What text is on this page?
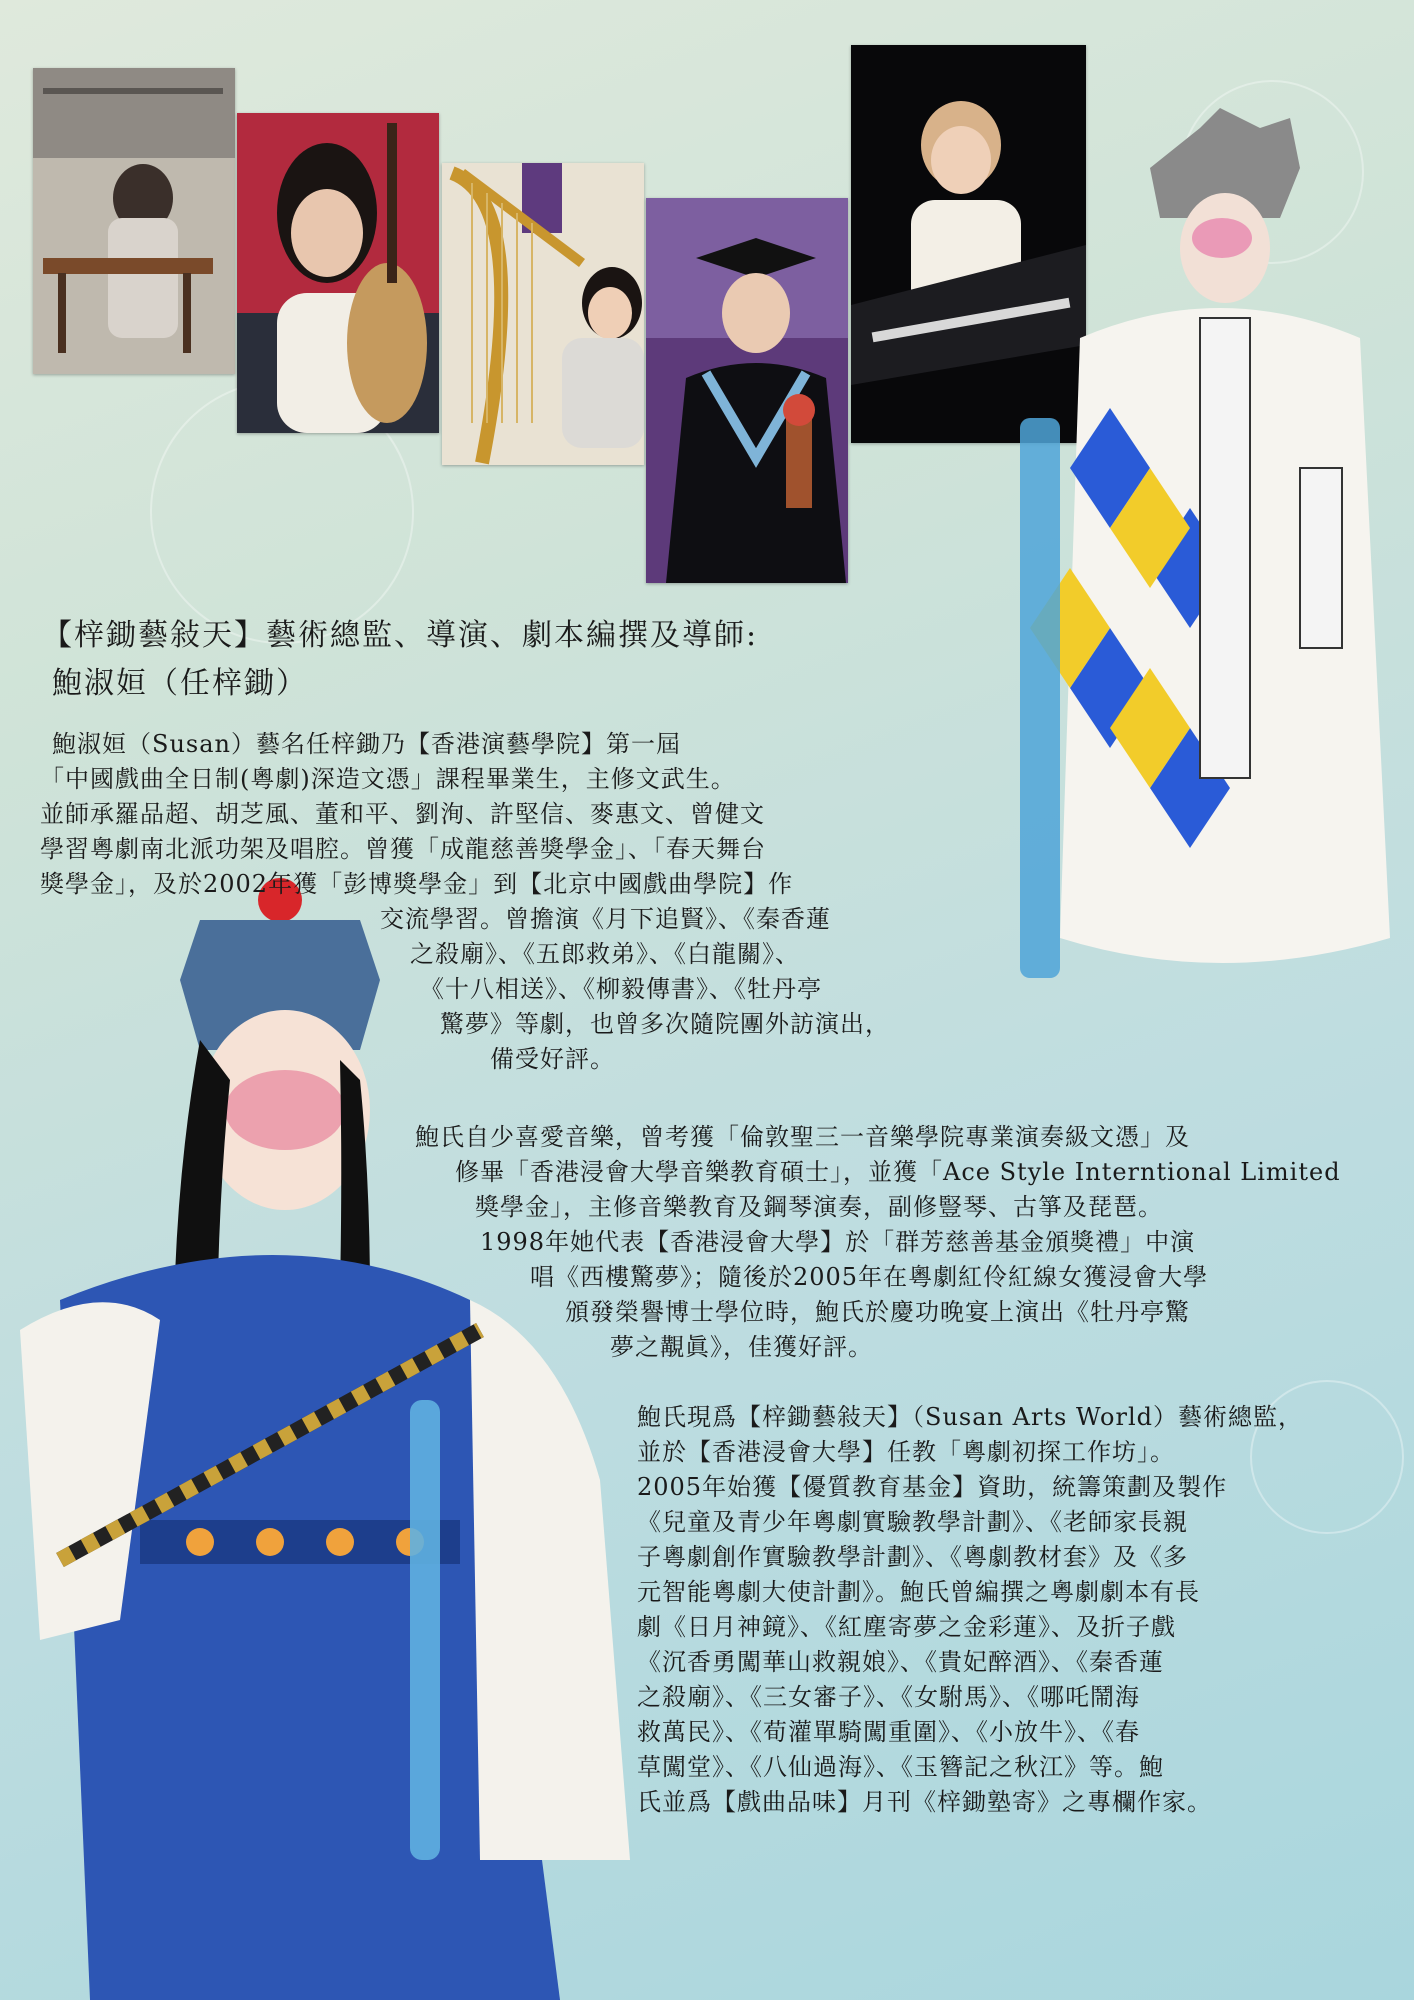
【梓鋤藝敍天】藝術總監、導演、劇本編撰及導師:
鮑淑姮（任梓鋤）
鮑淑姮（Susan）藝名任梓鋤乃【香港演藝學院】第一屆
「中國戲曲全日制(粵劇)深造文憑」課程畢業生，主修文武生。
並師承羅品超、胡芝風、董和平、劉洵、許堅信、麥惠文、曾健文
學習粵劇南北派功架及唱腔。曾獲「成龍慈善獎學金」、「春天舞台
獎學金」，及於2002年獲「彭博獎學金」到【北京中國戲曲學院】作
交流學習。曾擔演《月下追賢》、《秦香蓮
之殺廟》、《五郎救弟》、《白龍關》、
《十八相送》、《柳毅傳書》、《牡丹亭
驚夢》等劇，也曾多次隨院團外訪演出，
備受好評。
鮑氏自少喜愛音樂，曾考獲「倫敦聖三一音樂學院專業演奏級文憑」及
修畢「香港浸會大學音樂教育碩士」，並獲「Ace Style Interntional Limited
獎學金」，主修音樂教育及鋼琴演奏，副修豎琴、古箏及琵琶。
1998年她代表【香港浸會大學】於「群芳慈善基金頒獎禮」中演
唱《西樓驚夢》；隨後於2005年在粵劇紅伶紅線女獲浸會大學
頒發榮譽博士學位時，鮑氏於慶功晚宴上演出《牡丹亭驚
夢之覯眞》，佳獲好評。
鮑氏現爲【梓鋤藝敍天】（Susan Arts World）藝術總監，
並於【香港浸會大學】任教「粵劇初探工作坊」。
2005年始獲【優質教育基金】資助，統籌策劃及製作
《兒童及青少年粵劇實驗教學計劃》、《老師家長親
子粵劇創作實驗教學計劃》、《粵劇教材套》及《多
元智能粵劇大使計劃》。鮑氏曾編撰之粵劇劇本有長
劇《日月神鏡》、《紅塵寄夢之金彩蓮》、及折子戲
《沉香勇闖華山救親娘》、《貴妃醉酒》、《秦香蓮
之殺廟》、《三女審子》、《女駙馬》、《哪吒鬧海
救萬民》、《荀灌單騎闖重圍》、《小放牛》、《春
草闖堂》、《八仙過海》、《玉簪記之秋江》等。鮑
氏並爲【戲曲品味】月刊《梓鋤塾寄》之專欄作家。
